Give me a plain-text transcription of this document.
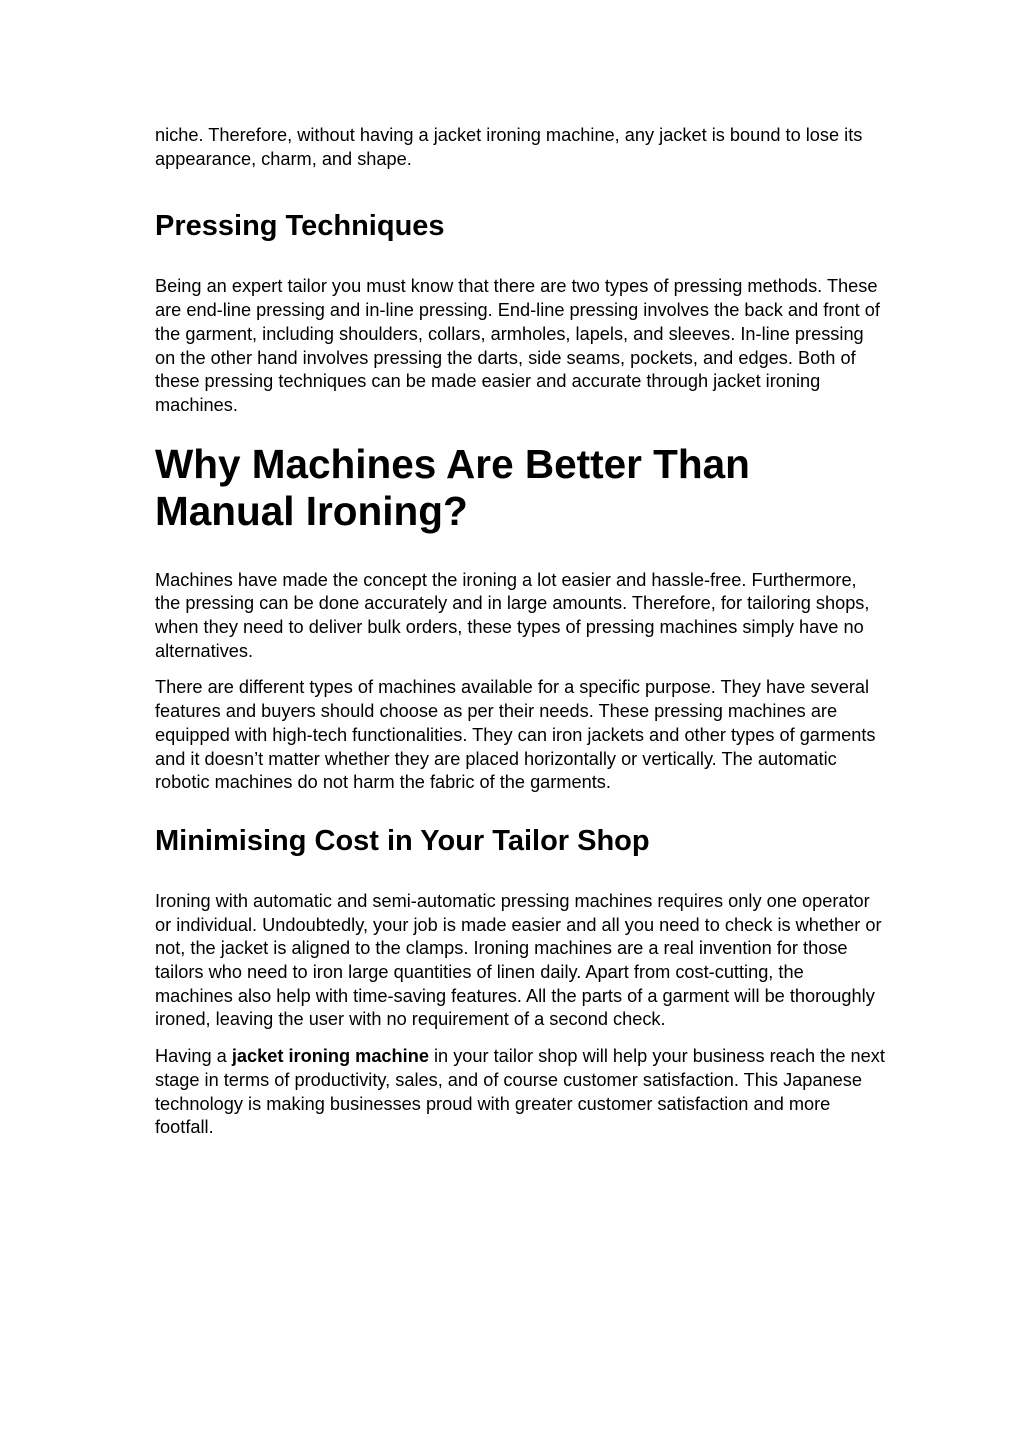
niche. Therefore, without having a jacket ironing machine, any jacket is bound to lose its appearance, charm, and shape.

Pressing Techniques

Being an expert tailor you must know that there are two types of pressing methods. These are end-line pressing and in-line pressing. End-line pressing involves the back and front of the garment, including shoulders, collars, armholes, lapels, and sleeves. In-line pressing on the other hand involves pressing the darts, side seams, pockets, and edges. Both of these pressing techniques can be made easier and accurate through jacket ironing machines.

Why Machines Are Better Than Manual Ironing?

Machines have made the concept the ironing a lot easier and hassle-free. Furthermore, the pressing can be done accurately and in large amounts. Therefore, for tailoring shops, when they need to deliver bulk orders, these types of pressing machines simply have no alternatives.

There are different types of machines available for a specific purpose. They have several features and buyers should choose as per their needs. These pressing machines are equipped with high-tech functionalities. They can iron jackets and other types of garments and it doesn’t matter whether they are placed horizontally or vertically. The automatic robotic machines do not harm the fabric of the garments.

Minimising Cost in Your Tailor Shop

Ironing with automatic and semi-automatic pressing machines requires only one operator or individual. Undoubtedly, your job is made easier and all you need to check is whether or not, the jacket is aligned to the clamps. Ironing machines are a real invention for those tailors who need to iron large quantities of linen daily. Apart from cost-cutting, the machines also help with time-saving features. All the parts of a garment will be thoroughly ironed, leaving the user with no requirement of a second check.

Having a jacket ironing machine in your tailor shop will help your business reach the next stage in terms of productivity, sales, and of course customer satisfaction. This Japanese technology is making businesses proud with greater customer satisfaction and more footfall.
